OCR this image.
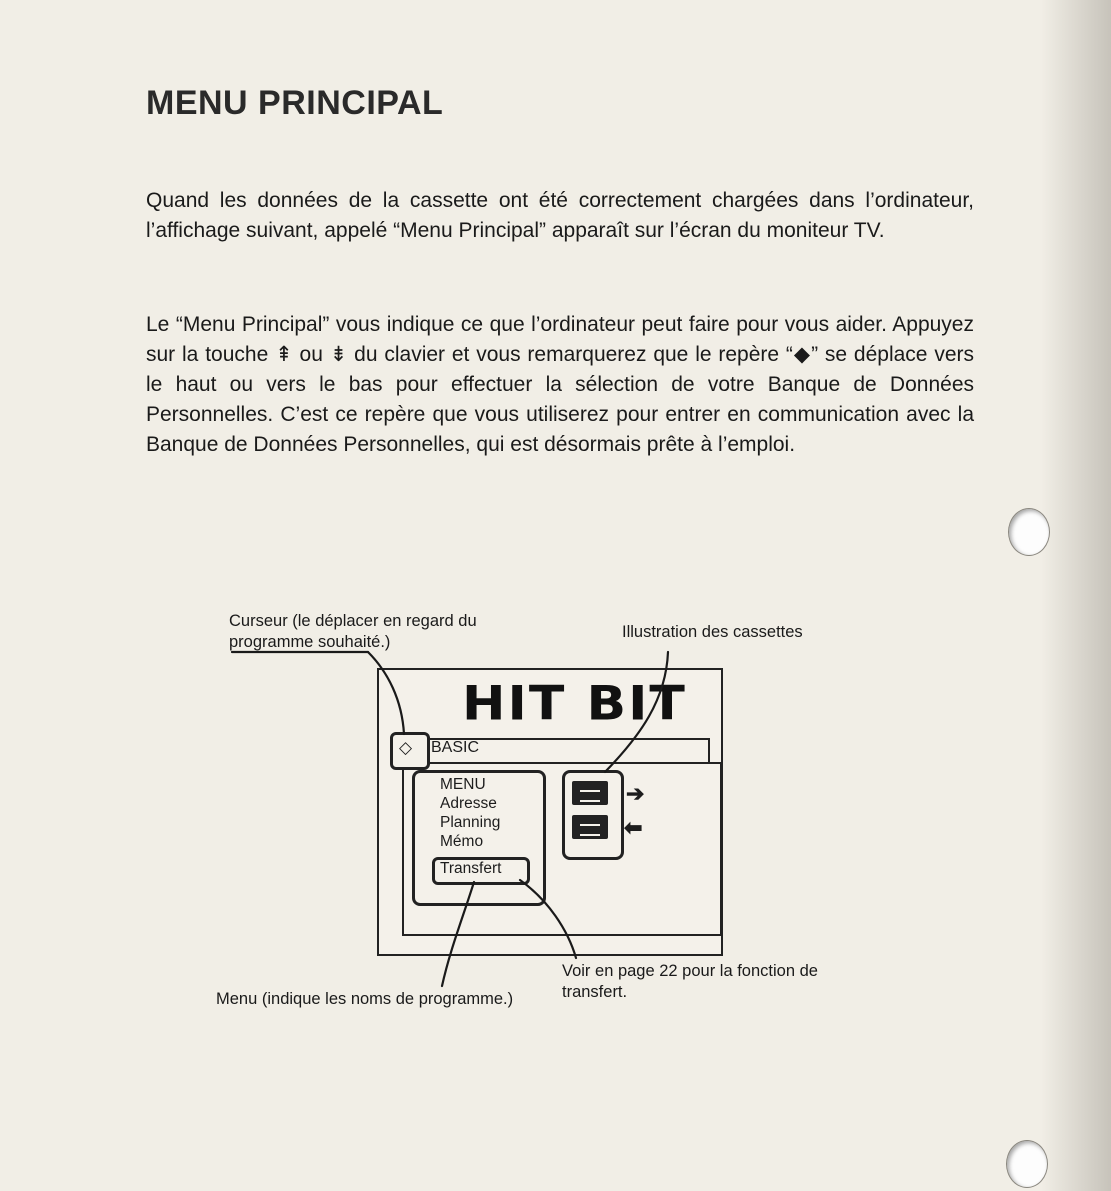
MENU PRINCIPAL

Quand les données de la cassette ont été correctement chargées dans l’ordinateur, l’affichage suivant, appelé “Menu Principal” apparaît sur l’écran du moniteur TV.

Le “Menu Principal” vous indique ce que l’ordinateur peut faire pour vous aider. Appuyez sur la touche ⇞ ou ⇟ du clavier et vous remarquerez que le repère “◆” se déplace vers le haut ou vers le bas pour effectuer la sélection de votre Banque de Données Personnelles. C’est ce repère que vous utiliserez pour entrer en communication avec la Banque de Données Personnelles, qui est désormais prête à l’emploi.

Curseur (le déplacer en regard du programme souhaité.)

Illustration des cassettes

Voir en page 22 pour la fonction de transfert.

Menu (indique les noms de programme.)

HIT BIT
BASIC

MENU

Adresse

Planning

Mémo

Transfert
➔
⬅
◇
